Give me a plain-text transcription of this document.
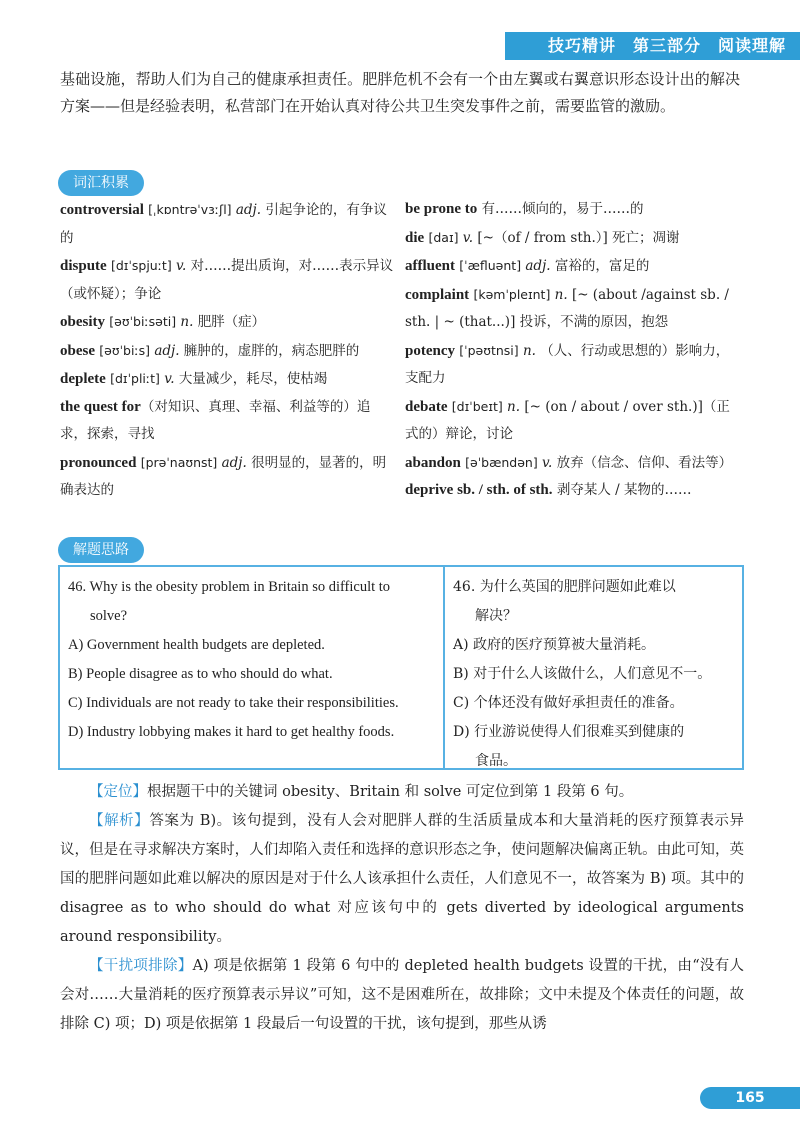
技巧精讲　第三部分　阅读理解
基础设施，帮助人们为自己的健康承担责任。肥胖危机不会有一个由左翼或右翼意识形态设计出的解决方案——但是经验表明，私营部门在开始认真对待公共卫生突发事件之前，需要监管的激励。
词汇积累

controversial [ˌkɒntrəˈvɜːʃl] adj. 引起争论的，有争议的

dispute [dɪˈspjuːt] v. 对……提出质询，对……表示异议（或怀疑）；争论

obesity [əʊˈbiːsəti] n. 肥胖（症）

obese [əʊˈbiːs] adj. 臃肿的，虚胖的，病态肥胖的

deplete [dɪˈpliːt] v. 大量减少，耗尽，使枯竭

the quest for（对知识、真理、幸福、利益等的）追求，探索，寻找

pronounced [prəˈnaʊnst] adj. 很明显的，显著的，明确表达的

be prone to 有……倾向的，易于……的

die [daɪ] v. [~（of / from sth.）] 死亡；凋谢

affluent [ˈæfluənt] adj. 富裕的，富足的

complaint [kəmˈpleɪnt] n. [~ (about /against sb. / sth. | ~ (that...)] 投诉，不满的原因，抱怨

potency [ˈpəʊtnsi] n. （人、行动或思想的）影响力，支配力

debate [dɪˈbeɪt] n. [~ (on / about / over sth.)]（正式的）辩论，讨论

abandon [əˈbændən] v. 放弃（信念、信仰、看法等）

deprive sb. / sth. of sth. 剥夺某人 / 某物的……

解题思路
46. Why is the obesity problem in Britain so difficult to
solve?
A) Government health budgets are depleted.
B) People disagree as to who should do what.
C) Individuals are not ready to take their responsibilities.
D) Industry lobbying makes it hard to get healthy foods.
46. 为什么英国的肥胖问题如此难以
解决？
A) 政府的医疗预算被大量消耗。
B) 对于什么人该做什么，人们意见不一。
C) 个体还没有做好承担责任的准备。
D) 行业游说使得人们很难买到健康的
食品。

【定位】根据题干中的关键词 obesity、Britain 和 solve 可定位到第 1 段第 6 句。

【解析】答案为 B)。该句提到，没有人会对肥胖人群的生活质量成本和大量消耗的医疗预算表示异议，但是在寻求解决方案时，人们却陷入责任和选择的意识形态之争，使问题解决偏离正轨。由此可知，英国的肥胖问题如此难以解决的原因是对于什么人该承担什么责任，人们意见不一，故答案为 B) 项。其中的 disagree as to who should do what 对应该句中的 gets diverted by ideological arguments around responsibility。

【干扰项排除】A) 项是依据第 1 段第 6 句中的 depleted health budgets 设置的干扰，由“没有人会对……大量消耗的医疗预算表示异议”可知，这不是困难所在，故排除；文中未提及个体责任的问题，故排除 C) 项；D) 项是依据第 1 段最后一句设置的干扰，该句提到，那些从诱

165
